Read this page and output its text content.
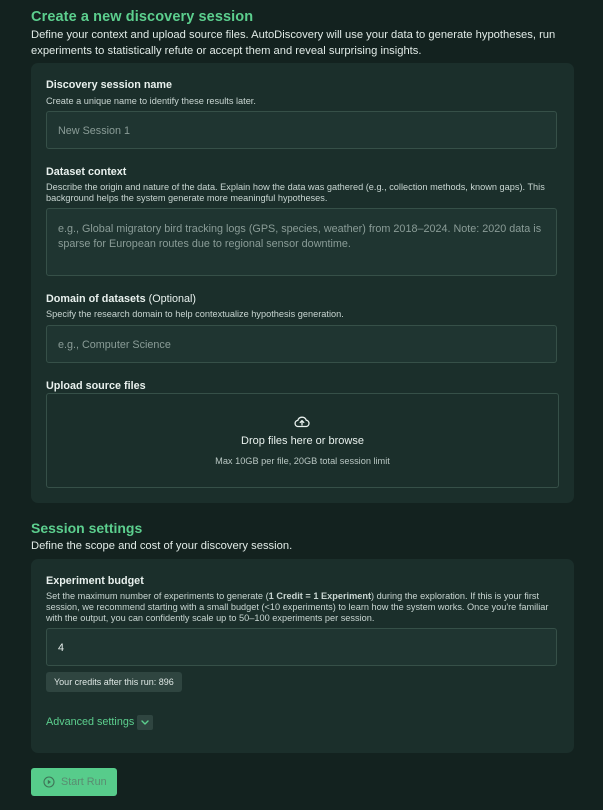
Create a new discovery session
Define your context and upload source files. AutoDiscovery will use your data to generate hypotheses, run
experiments to statistically refute or accept them and reveal surprising insights.
Discovery session name
Create a unique name to identify these results later.
New Session 1
Dataset context
Describe the origin and nature of the data. Explain how the data was gathered (e.g., collection methods, known gaps). This
background helps the system generate more meaningful hypotheses.
e.g., Global migratory bird tracking logs (GPS, species, weather) from 2018–2024. Note: 2020 data is
sparse for European routes due to regional sensor downtime.
Domain of datasets (Optional)
Specify the research domain to help contextualize hypothesis generation.
e.g., Computer Science
Upload source files
Drop files here or browse
Max 10GB per file, 20GB total session limit
Session settings
Define the scope and cost of your discovery session.
Experiment budget
Set the maximum number of experiments to generate (1 Credit = 1 Experiment) during the exploration. If this is your first
session, we recommend starting with a small budget (<10 experiments) to learn how the system works. Once you're familiar
with the output, you can confidently scale up to 50–100 experiments per session.
4
Your credits after this run: 896
Advanced settings
Start Run
